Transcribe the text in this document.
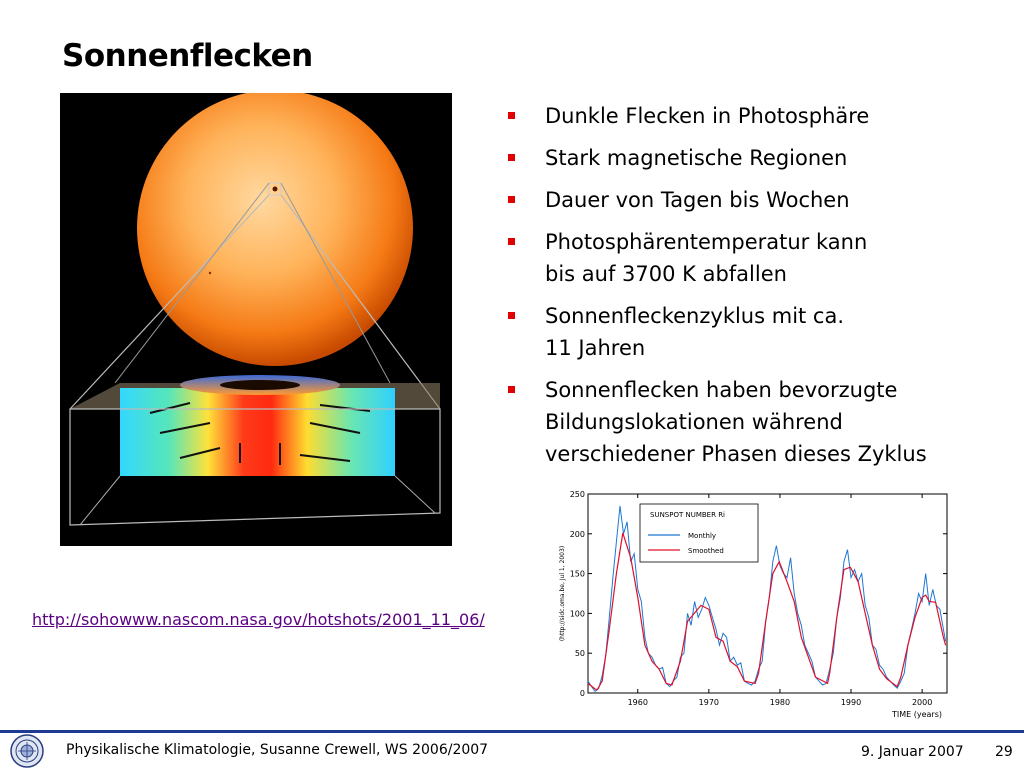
Sonnenflecken
Dunkle Flecken in Photosphäre
Stark magnetische Regionen
Dauer von Tagen bis Wochen
Photosphärentemperatur kann
bis auf 3700 K abfallen
Sonnenfleckenzyklus mit ca.
11 Jahren
Sonnenflecken haben bevorzugte
Bildungslokationen während
verschiedener Phasen dieses Zyklus
http://sohowww.nascom.nasa.gov/hotshots/2001_11_06/
0
50
100
150
200
250
1960	1970	1980	1990	2000
TIME (years)
(http://sidc.oma.be, Jul 1, 2003)
SUNSPOT NUMBER Ri
Monthly
Smoothed
Physikalische Klimatologie, Susanne Crewell, WS 2006/2007	9. Januar 2007 29
